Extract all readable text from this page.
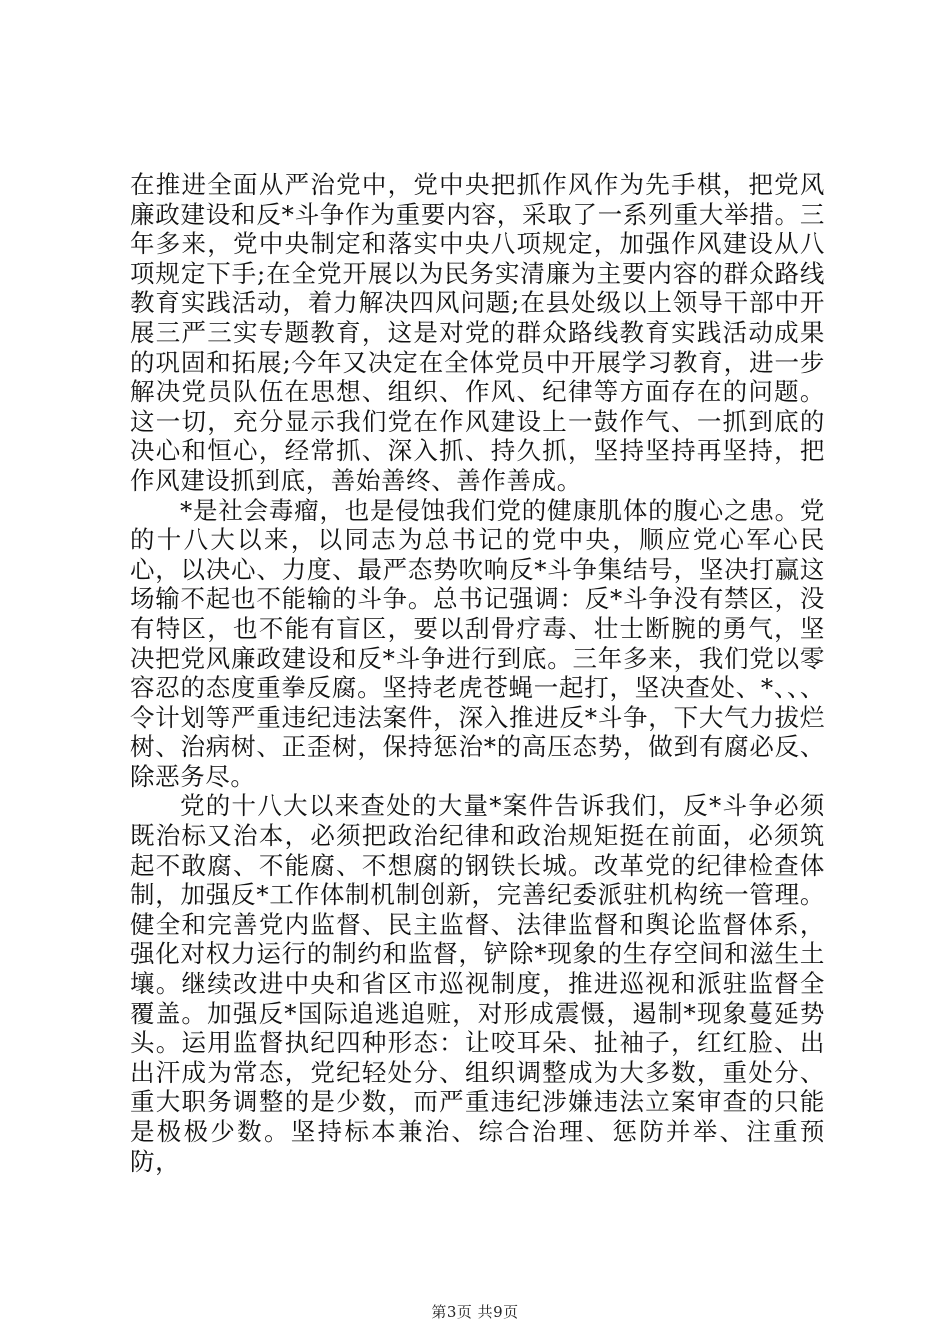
在推进全面从严治党中，党中央把抓作风作为先手棋，把党风廉政建设和反*斗争作为重要内容，采取了一系列重大举措。三年多来，党中央制定和落实中央八项规定，加强作风建设从八项规定下手;在全党开展以为民务实清廉为主要内容的群众路线教育实践活动，着力解决四风问题;在县处级以上领导干部中开展三严三实专题教育，这是对党的群众路线教育实践活动成果的巩固和拓展;今年又决定在全体党员中开展学习教育，进一步解决党员队伍在思想、组织、作风、纪律等方面存在的问题。这一切，充分显示我们党在作风建设上一鼓作气、一抓到底的决心和恒心，经常抓、深入抓、持久抓，坚持坚持再坚持，把作风建设抓到底，善始善终、善作善成。

*是社会毒瘤，也是侵蚀我们党的健康肌体的腹心之患。党的十八大以来，以同志为总书记的党中央，顺应党心军心民心，以决心、力度、最严态势吹响反*斗争集结号，坚决打赢这场输不起也不能输的斗争。总书记强调：反*斗争没有禁区，没有特区，也不能有盲区，要以刮骨疗毒、壮士断腕的勇气，坚决把党风廉政建设和反*斗争进行到底。三年多来，我们党以零容忍的态度重拳反腐。坚持老虎苍蝇一起打，坚决查处、*、、、令计划等严重违纪违法案件，深入推进反*斗争，下大气力拔烂树、治病树、正歪树，保持惩治*的高压态势，做到有腐必反、除恶务尽。

党的十八大以来查处的大量*案件告诉我们，反*斗争必须既治标又治本，必须把政治纪律和政治规矩挺在前面，必须筑起不敢腐、不能腐、不想腐的钢铁长城。改革党的纪律检查体制，加强反*工作体制机制创新，完善纪委派驻机构统一管理。健全和完善党内监督、民主监督、法律监督和舆论监督体系，强化对权力运行的制约和监督，铲除*现象的生存空间和滋生土壤。继续改进中央和省区市巡视制度，推进巡视和派驻监督全覆盖。加强反*国际追逃追赃，对形成震慑，遏制*现象蔓延势头。运用监督执纪四种形态：让咬耳朵、扯袖子，红红脸、出出汗成为常态，党纪轻处分、组织调整成为大多数，重处分、重大职务调整的是少数，而严重违纪涉嫌违法立案审查的只能是极极少数。坚持标本兼治、综合治理、惩防并举、注重预防，

第3页 共9页
